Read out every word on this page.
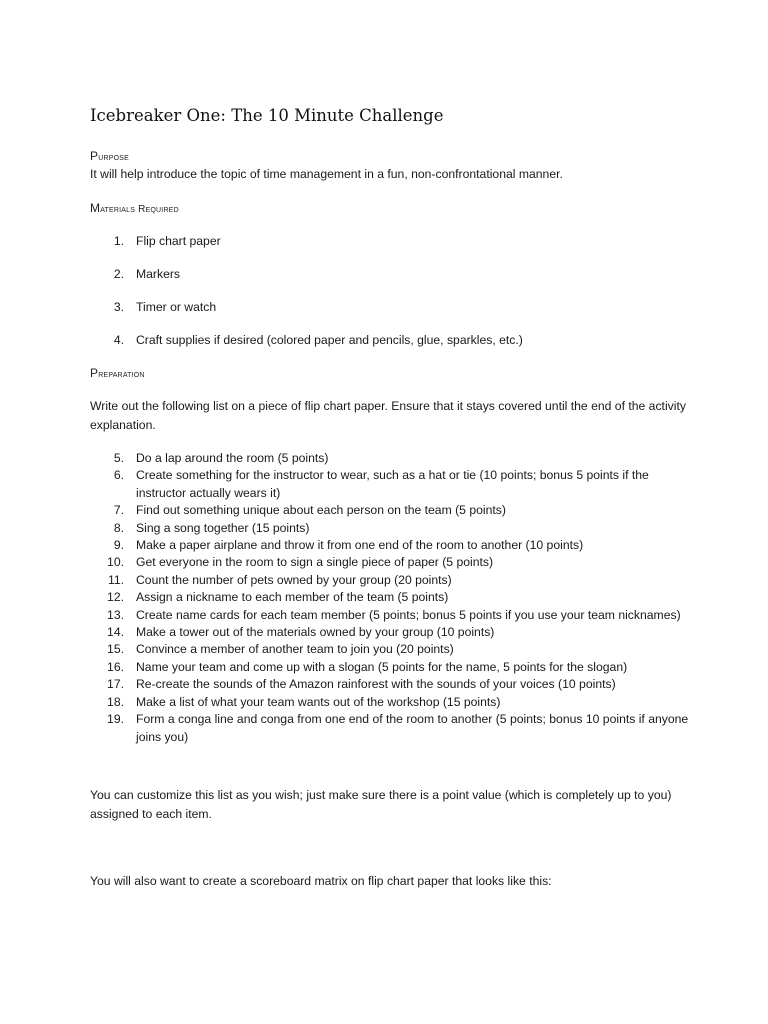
Icebreaker One: The 10 Minute Challenge
Purpose

It will help introduce the topic of time management in a fun, non-confrontational manner.

Materials Required
1. Flip chart paper
2. Markers
3. Timer or watch
4. Craft supplies if desired (colored paper and pencils, glue, sparkles, etc.)
Preparation

Write out the following list on a piece of flip chart paper. Ensure that it stays covered until the end of the activity explanation.

5. Do a lap around the room (5 points)
6. Create something for the instructor to wear, such as a hat or tie (10 points; bonus 5 points if the instructor actually wears it)
7. Find out something unique about each person on the team (5 points)
8. Sing a song together (15 points)
9. Make a paper airplane and throw it from one end of the room to another (10 points)
10. Get everyone in the room to sign a single piece of paper (5 points)
11. Count the number of pets owned by your group (20 points)
12. Assign a nickname to each member of the team (5 points)
13. Create name cards for each team member (5 points; bonus 5 points if you use your team nicknames)
14. Make a tower out of the materials owned by your group (10 points)
15. Convince a member of another team to join you (20 points)
16. Name your team and come up with a slogan (5 points for the name, 5 points for the slogan)
17. Re-create the sounds of the Amazon rainforest with the sounds of your voices (10 points)
18. Make a list of what your team wants out of the workshop (15 points)
19. Form a conga line and conga from one end of the room to another (5 points; bonus 10 points if anyone joins you)

You can customize this list as you wish; just make sure there is a point value (which is completely up to you) assigned to each item.

You will also want to create a scoreboard matrix on flip chart paper that looks like this:
